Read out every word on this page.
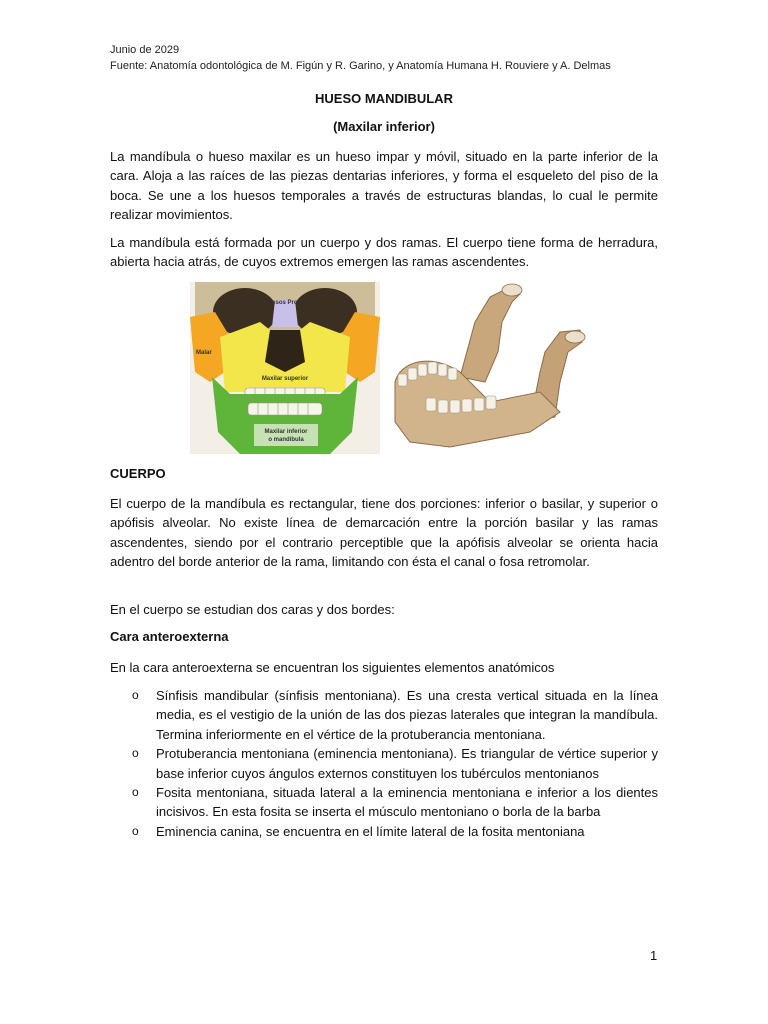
Junio de 2029
Fuente: Anatomía odontológica de M. Figún y R. Garino, y Anatomía Humana H. Rouviere y A. Delmas
HUESO MANDIBULAR
(Maxilar inferior)

La mandíbula o hueso maxilar es un hueso impar y móvil, situado en la parte inferior de la cara. Aloja a las raíces de las piezas dentarias inferiores, y forma el esqueleto del piso de la boca. Se une a los huesos temporales a través de estructuras blandas, lo cual le permite realizar movimientos.

La mandíbula está formada por un cuerpo y dos ramas. El cuerpo tiene forma de herradura, abierta hacia atrás, de cuyos extremos emergen las ramas ascendentes.

Huesos Propios
Malar
Maxilar superior
Maxilar inferior
o mandíbula
CUERPO

El cuerpo de la mandíbula es rectangular, tiene dos porciones: inferior o basilar, y superior o apófisis alveolar. No existe línea de demarcación entre la porción basilar y las ramas ascendentes, siendo por el contrario perceptible que la apófisis alveolar se orienta hacia adentro del borde anterior de la rama, limitando con ésta el canal o fosa retromolar.

En el cuerpo se estudian dos caras y dos bordes:

Cara anteroexterna

En la cara anteroexterna se encuentran los siguientes elementos anatómicos

o Sínfisis mandibular (sínfisis mentoniana). Es una cresta vertical situada en la línea media, es el vestigio de la unión de las dos piezas laterales que integran la mandíbula. Termina inferiormente en el vértice de la protuberancia mentoniana.
o Protuberancia mentoniana (eminencia mentoniana). Es triangular de vértice superior y base inferior cuyos ángulos externos constituyen los tubérculos mentonianos
o Fosita mentoniana, situada lateral a la eminencia mentoniana e inferior a los dientes incisivos. En esta fosita se inserta el músculo mentoniano o borla de la barba
o Eminencia canina, se encuentra en el límite lateral de la fosita mentoniana
1
